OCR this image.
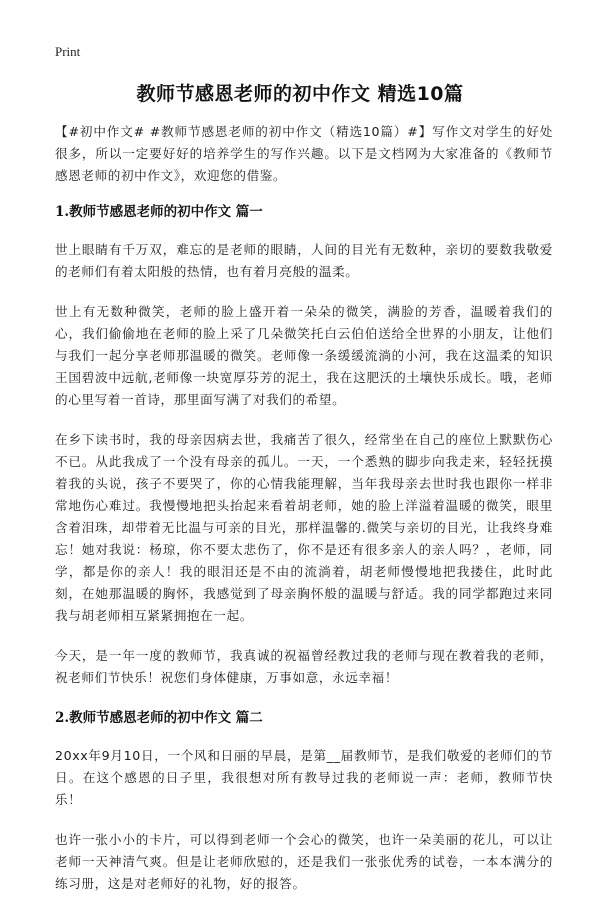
Print
教师节感恩老师的初中作文 精选10篇

【#初中作文# #教师节感恩老师的初中作文（精选10篇）#】写作文对学生的好处很多，所以一定要好好的培养学生的写作兴趣。以下是文档网为大家准备的《教师节感恩老师的初中作文》，欢迎您的借鉴。

1.教师节感恩老师的初中作文 篇一

世上眼睛有千万双，难忘的是老师的眼睛，人间的目光有无数种，亲切的要数我敬爱的老师们有着太阳般的热情，也有着月亮般的温柔。

世上有无数种微笑，老师的脸上盛开着一朵朵的微笑，满脸的芳香，温暖着我们的心，我们偷偷地在老师的脸上采了几朵微笑托白云伯伯送给全世界的小朋友，让他们与我们一起分享老师那温暖的微笑。老师像一条缓缓流淌的小河，我在这温柔的知识王国碧波中远航,老师像一块宽厚芬芳的泥土，我在这肥沃的土壤快乐成长。哦，老师的心里写着一首诗，那里面写满了对我们的希望。

在乡下读书时，我的母亲因病去世，我痛苦了很久，经常坐在自己的座位上默默伤心不已。从此我成了一个没有母亲的孤儿。一天，一个悉熟的脚步向我走来，轻轻抚摸着我的头说，孩子不要哭了，你的心情我能理解，当年我母亲去世时我也跟你一样非常地伤心难过。我慢慢地把头抬起来看着胡老师，她的脸上洋溢着温暖的微笑，眼里含着泪珠，却带着无比温与可亲的目光，那样温馨的.微笑与亲切的目光，让我终身难忘！她对我说：杨琼，你不要太悲伤了，你不是还有很多亲人的亲人吗？，老师，同学，都是你的亲人！我的眼泪还是不由的流淌着，胡老师慢慢地把我搂住，此时此刻，在她那温暖的胸怀，我感觉到了母亲胸怀般的温暖与舒适。我的同学都跑过来同我与胡老师相互紧紧拥抱在一起。

今天，是一年一度的教师节，我真诚的祝福曾经教过我的老师与现在教着我的老师，祝老师们节快乐！祝您们身体健康，万事如意，永远幸福！

2.教师节感恩老师的初中作文 篇二

20xx年9月10日，一个风和日丽的早晨，是第__届教师节，是我们敬爱的老师们的节日。在这个感恩的日子里，我很想对所有教导过我的老师说一声：老师，教师节快乐！

也许一张小小的卡片，可以得到老师一个会心的微笑，也许一朵美丽的花儿，可以让老师一天神清气爽。但是让老师欣慰的，还是我们一张张优秀的试卷，一本本满分的练习册，这是对老师好的礼物，好的报答。
